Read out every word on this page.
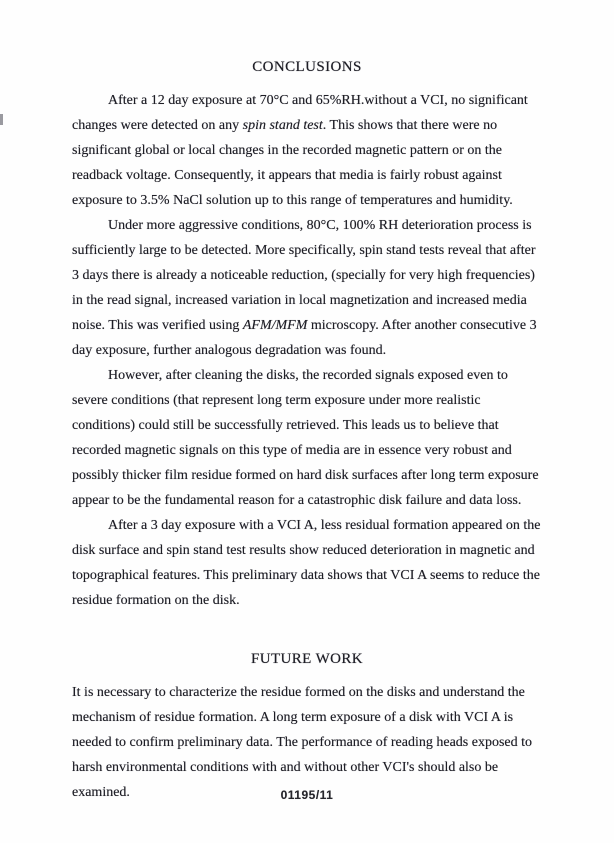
CONCLUSIONS

After a 12 day exposure at 70°C and 65%RH.without a VCI, no significant changes were detected on any spin stand test. This shows that there were no significant global or local changes in the recorded magnetic pattern or on the readback voltage. Consequently, it appears that media is fairly robust against exposure to 3.5% NaCl solution up to this range of temperatures and humidity.

Under more aggressive conditions, 80°C, 100% RH deterioration process is sufficiently large to be detected. More specifically, spin stand tests reveal that after 3 days there is already a noticeable reduction, (specially for very high frequencies) in the read signal, increased variation in local magnetization and increased media noise. This was verified using AFM/MFM microscopy. After another consecutive 3 day exposure, further analogous degradation was found.

However, after cleaning the disks, the recorded signals exposed even to severe conditions (that represent long term exposure under more realistic conditions) could still be successfully retrieved. This leads us to believe that recorded magnetic signals on this type of media are in essence very robust and possibly thicker film residue formed on hard disk surfaces after long term exposure appear to be the fundamental reason for a catastrophic disk failure and data loss.

After a 3 day exposure with a VCI A, less residual formation appeared on the disk surface and spin stand test results show reduced deterioration in magnetic and topographical features. This preliminary data shows that VCI A seems to reduce the residue formation on the disk.

FUTURE WORK

It is necessary to characterize the residue formed on the disks and understand the mechanism of residue formation. A long term exposure of a disk with VCI A is needed to confirm preliminary data. The performance of reading heads exposed to harsh environmental conditions with and without other VCI's should also be examined.	01195/11
